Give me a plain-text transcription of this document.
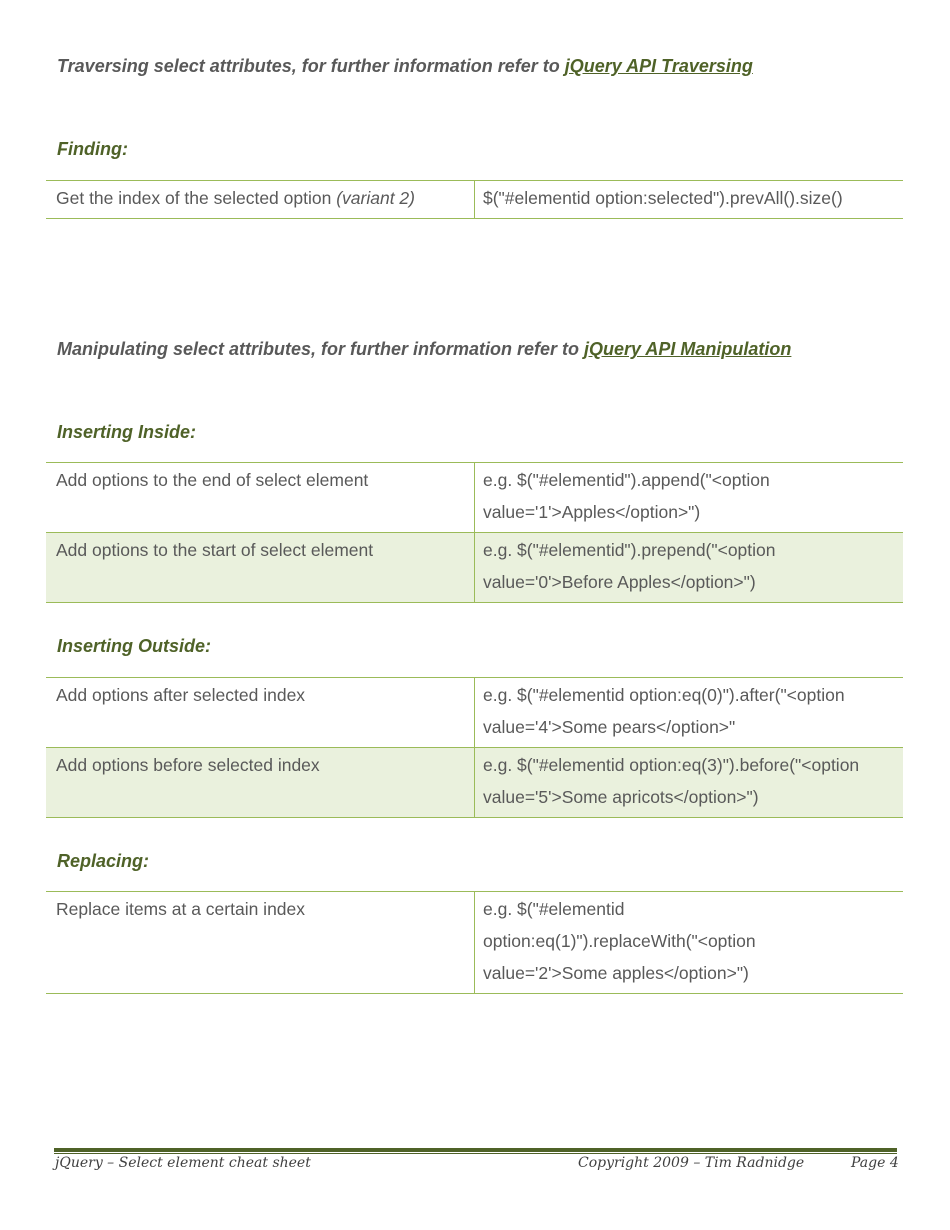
Traversing select attributes, for further information refer to jQuery API Traversing
Finding:
Get the index of the selected option (variant 2)	$("#elementid option:selected").prevAll().size()
Manipulating select attributes, for further information refer to jQuery API Manipulation
Inserting Inside:
Add options to the end of select element	e.g. $("#elementid").append("<option
value='1'>Apples</option>")

Add options to the start of select element	e.g. $("#elementid").prepend("<option
value='0'>Before Apples</option>")
Inserting Outside:
Add options after selected index	e.g. $("#elementid option:eq(0)").after("<option
value='4'>Some pears</option>"

Add options before selected index	e.g. $("#elementid option:eq(3)").before("<option
value='5'>Some apricots</option>")
Replacing:
Replace items at a certain index	e.g. $("#elementid
option:eq(1)").replaceWith("<option
value='2'>Some apples</option>")
jQuery – Select element cheat sheet	Copyright 2009 – Tim Radnidge	Page 4
